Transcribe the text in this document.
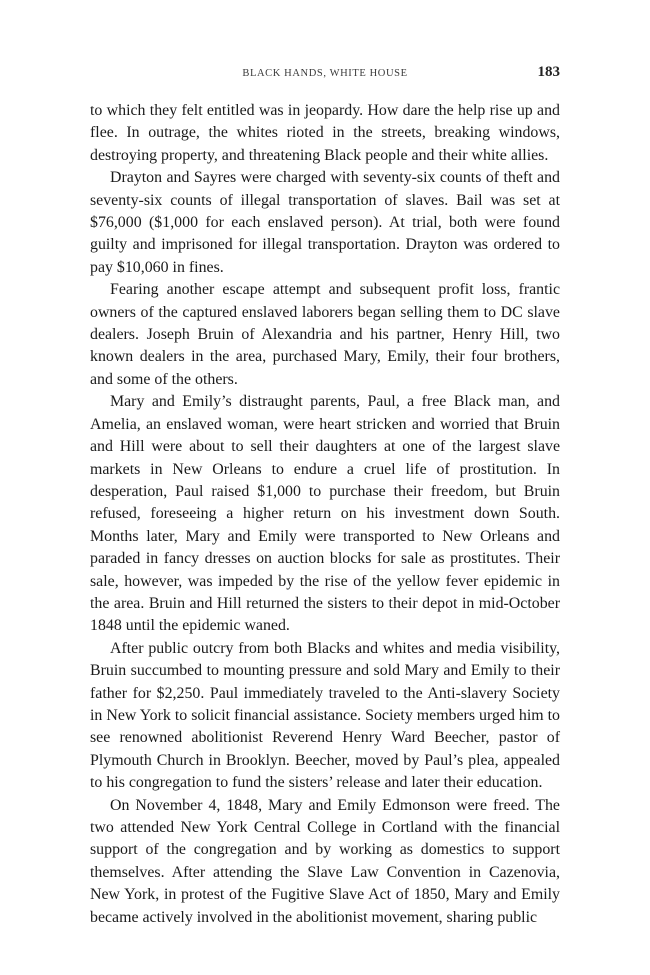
BLACK HANDS, WHITE HOUSE	183

to which they felt entitled was in jeopardy. How dare the help rise up and flee. In outrage, the whites rioted in the streets, breaking windows, destroying property, and threatening Black people and their white allies.

Drayton and Sayres were charged with seventy-six counts of theft and seventy-six counts of illegal transportation of slaves. Bail was set at $76,000 ($1,000 for each enslaved person). At trial, both were found guilty and imprisoned for illegal transportation. Drayton was ordered to pay $10,060 in fines.

Fearing another escape attempt and subsequent profit loss, frantic owners of the captured enslaved laborers began selling them to DC slave dealers. Joseph Bruin of Alexandria and his partner, Henry Hill, two known dealers in the area, purchased Mary, Emily, their four brothers, and some of the others.

Mary and Emily’s distraught parents, Paul, a free Black man, and Amelia, an enslaved woman, were heart stricken and worried that Bruin and Hill were about to sell their daughters at one of the largest slave markets in New Orleans to endure a cruel life of prostitution. In desperation, Paul raised $1,000 to purchase their freedom, but Bruin refused, foreseeing a higher return on his investment down South. Months later, Mary and Emily were transported to New Orleans and paraded in fancy dresses on auction blocks for sale as prostitutes. Their sale, however, was impeded by the rise of the yellow fever epidemic in the area. Bruin and Hill returned the sisters to their depot in mid-October 1848 until the epidemic waned.

After public outcry from both Blacks and whites and media visibility, Bruin succumbed to mounting pressure and sold Mary and Emily to their father for $2,250. Paul immediately traveled to the Anti-slavery Society in New York to solicit financial assistance. Society members urged him to see renowned abolitionist Reverend Henry Ward Beecher, pastor of Plymouth Church in Brooklyn. Beecher, moved by Paul’s plea, appealed to his congregation to fund the sisters’ release and later their education.

On November 4, 1848, Mary and Emily Edmonson were freed. The two attended New York Central College in Cortland with the financial support of the congregation and by working as domestics to support themselves. After attending the Slave Law Convention in Cazenovia, New York, in protest of the Fugitive Slave Act of 1850, Mary and Emily became actively involved in the abolitionist movement, sharing public
